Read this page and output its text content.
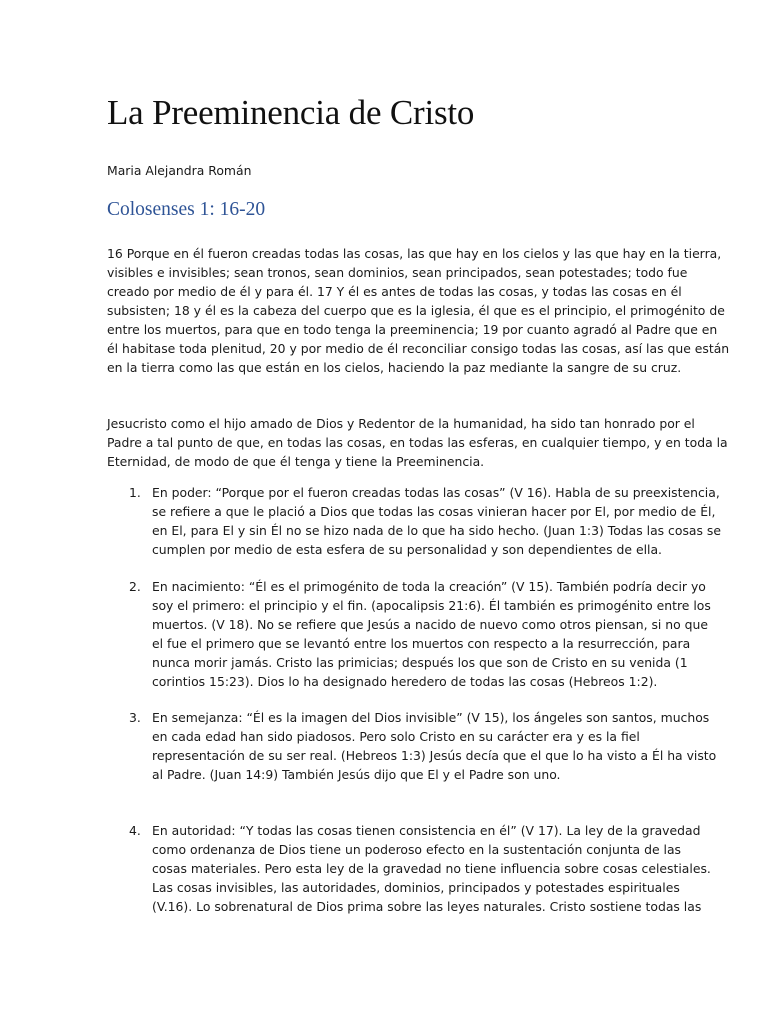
La Preeminencia de Cristo
Maria Alejandra Román
Colosenses 1: 16-20

16 Porque en él fueron creadas todas las cosas, las que hay en los cielos y las que hay en la tierra,
visibles e invisibles; sean tronos, sean dominios, sean principados, sean potestades; todo fue
creado por medio de él y para él. 17 Y él es antes de todas las cosas, y todas las cosas en él
subsisten; 18 y él es la cabeza del cuerpo que es la iglesia, él que es el principio, el primogénito de
entre los muertos, para que en todo tenga la preeminencia; 19 por cuanto agradó al Padre que en
él habitase toda plenitud, 20 y por medio de él reconciliar consigo todas las cosas, así las que están
en la tierra como las que están en los cielos, haciendo la paz mediante la sangre de su cruz.

Jesucristo como el hijo amado de Dios y Redentor de la humanidad, ha sido tan honrado por el
Padre a tal punto de que, en todas las cosas, en todas las esferas, en cualquier tiempo, y en toda la
Eternidad, de modo de que él tenga y tiene la Preeminencia.

1. En poder: “Porque por el fueron creadas todas las cosas” (V 16). Habla de su preexistencia,
se refiere a que le plació a Dios que todas las cosas vinieran hacer por El, por medio de Él,
en El, para El y sin Él no se hizo nada de lo que ha sido hecho. (Juan 1:3) Todas las cosas se
cumplen por medio de esta esfera de su personalidad y son dependientes de ella.
2. En nacimiento: “Él es el primogénito de toda la creación” (V 15). También podría decir yo
soy el primero: el principio y el fin. (apocalipsis 21:6). Él también es primogénito entre los
muertos. (V 18). No se refiere que Jesús a nacido de nuevo como otros piensan, si no que
el fue el primero que se levantó entre los muertos con respecto a la resurrección, para
nunca morir jamás. Cristo las primicias; después los que son de Cristo en su venida (1
corintios 15:23). Dios lo ha designado heredero de todas las cosas (Hebreos 1:2).
3. En semejanza: “Él es la imagen del Dios invisible” (V 15), los ángeles son santos, muchos
en cada edad han sido piadosos. Pero solo Cristo en su carácter era y es la fiel
representación de su ser real. (Hebreos 1:3) Jesús decía que el que lo ha visto a Él ha visto
al Padre. (Juan 14:9) También Jesús dijo que El y el Padre son uno.
4. En autoridad: “Y todas las cosas tienen consistencia en él” (V 17). La ley de la gravedad
como ordenanza de Dios tiene un poderoso efecto en la sustentación conjunta de las
cosas materiales. Pero esta ley de la gravedad no tiene influencia sobre cosas celestiales.
Las cosas invisibles, las autoridades, dominios, principados y potestades espirituales
(V.16). Lo sobrenatural de Dios prima sobre las leyes naturales. Cristo sostiene todas las
